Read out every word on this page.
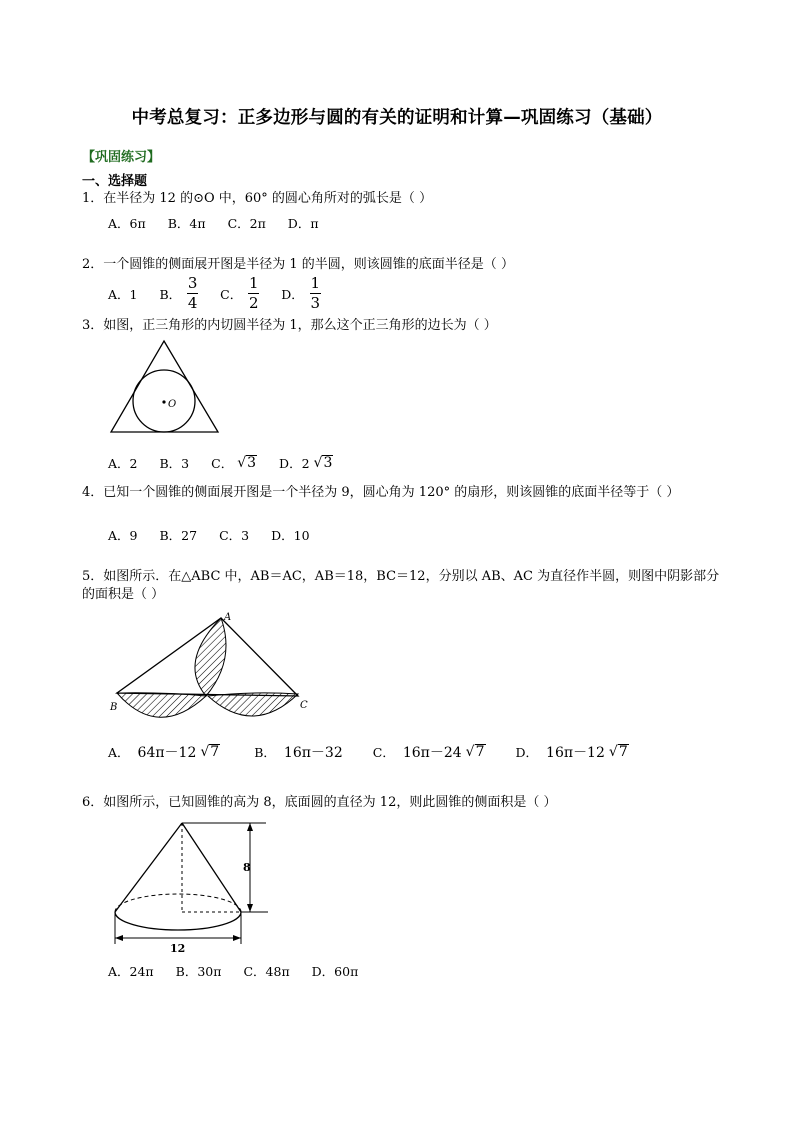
中考总复习：正多边形与圆的有关的证明和计算—巩固练习（基础）
【巩固练习】
一、选择题
1．在半径为 12 的⊙O 中，60° 的圆心角所对的弧长是（ ）
A．6π B．4π C．2π D．π
2．一个圆锥的侧面展开图是半径为 1 的半圆，则该圆锥的底面半径是（ ）
A．1 B． $\frac{3}{4}$ C． $\frac{1}{2}$ D． $\frac{1}{3}$
3．如图，正三角形的内切圆半径为 1，那么这个正三角形的边长为（ ）
O
A．2 B．3 C． √ 3 D．2 √ 3
4．已知一个圆锥的侧面展开图是一个半径为 9，圆心角为 120° 的扇形，则该圆锥的底面半径等于（ ）
A．9 B．27 C．3 D．10
5．如图所示．在△ABC 中，AB＝AC，AB＝18，BC＝12，分别以 AB、AC 为直径作半圆，则图中阴影部分的面积是（ ）
A
B	C
A． 64π－12 √ 7	B． 16π－32 C． 16π－24 √ 7 D． 16π－12 √ 7
6．如图所示，已知圆锥的高为 8，底面圆的直径为 12，则此圆锥的侧面积是（ ）
8
12
A．24π B．30π C．48π D．60π
